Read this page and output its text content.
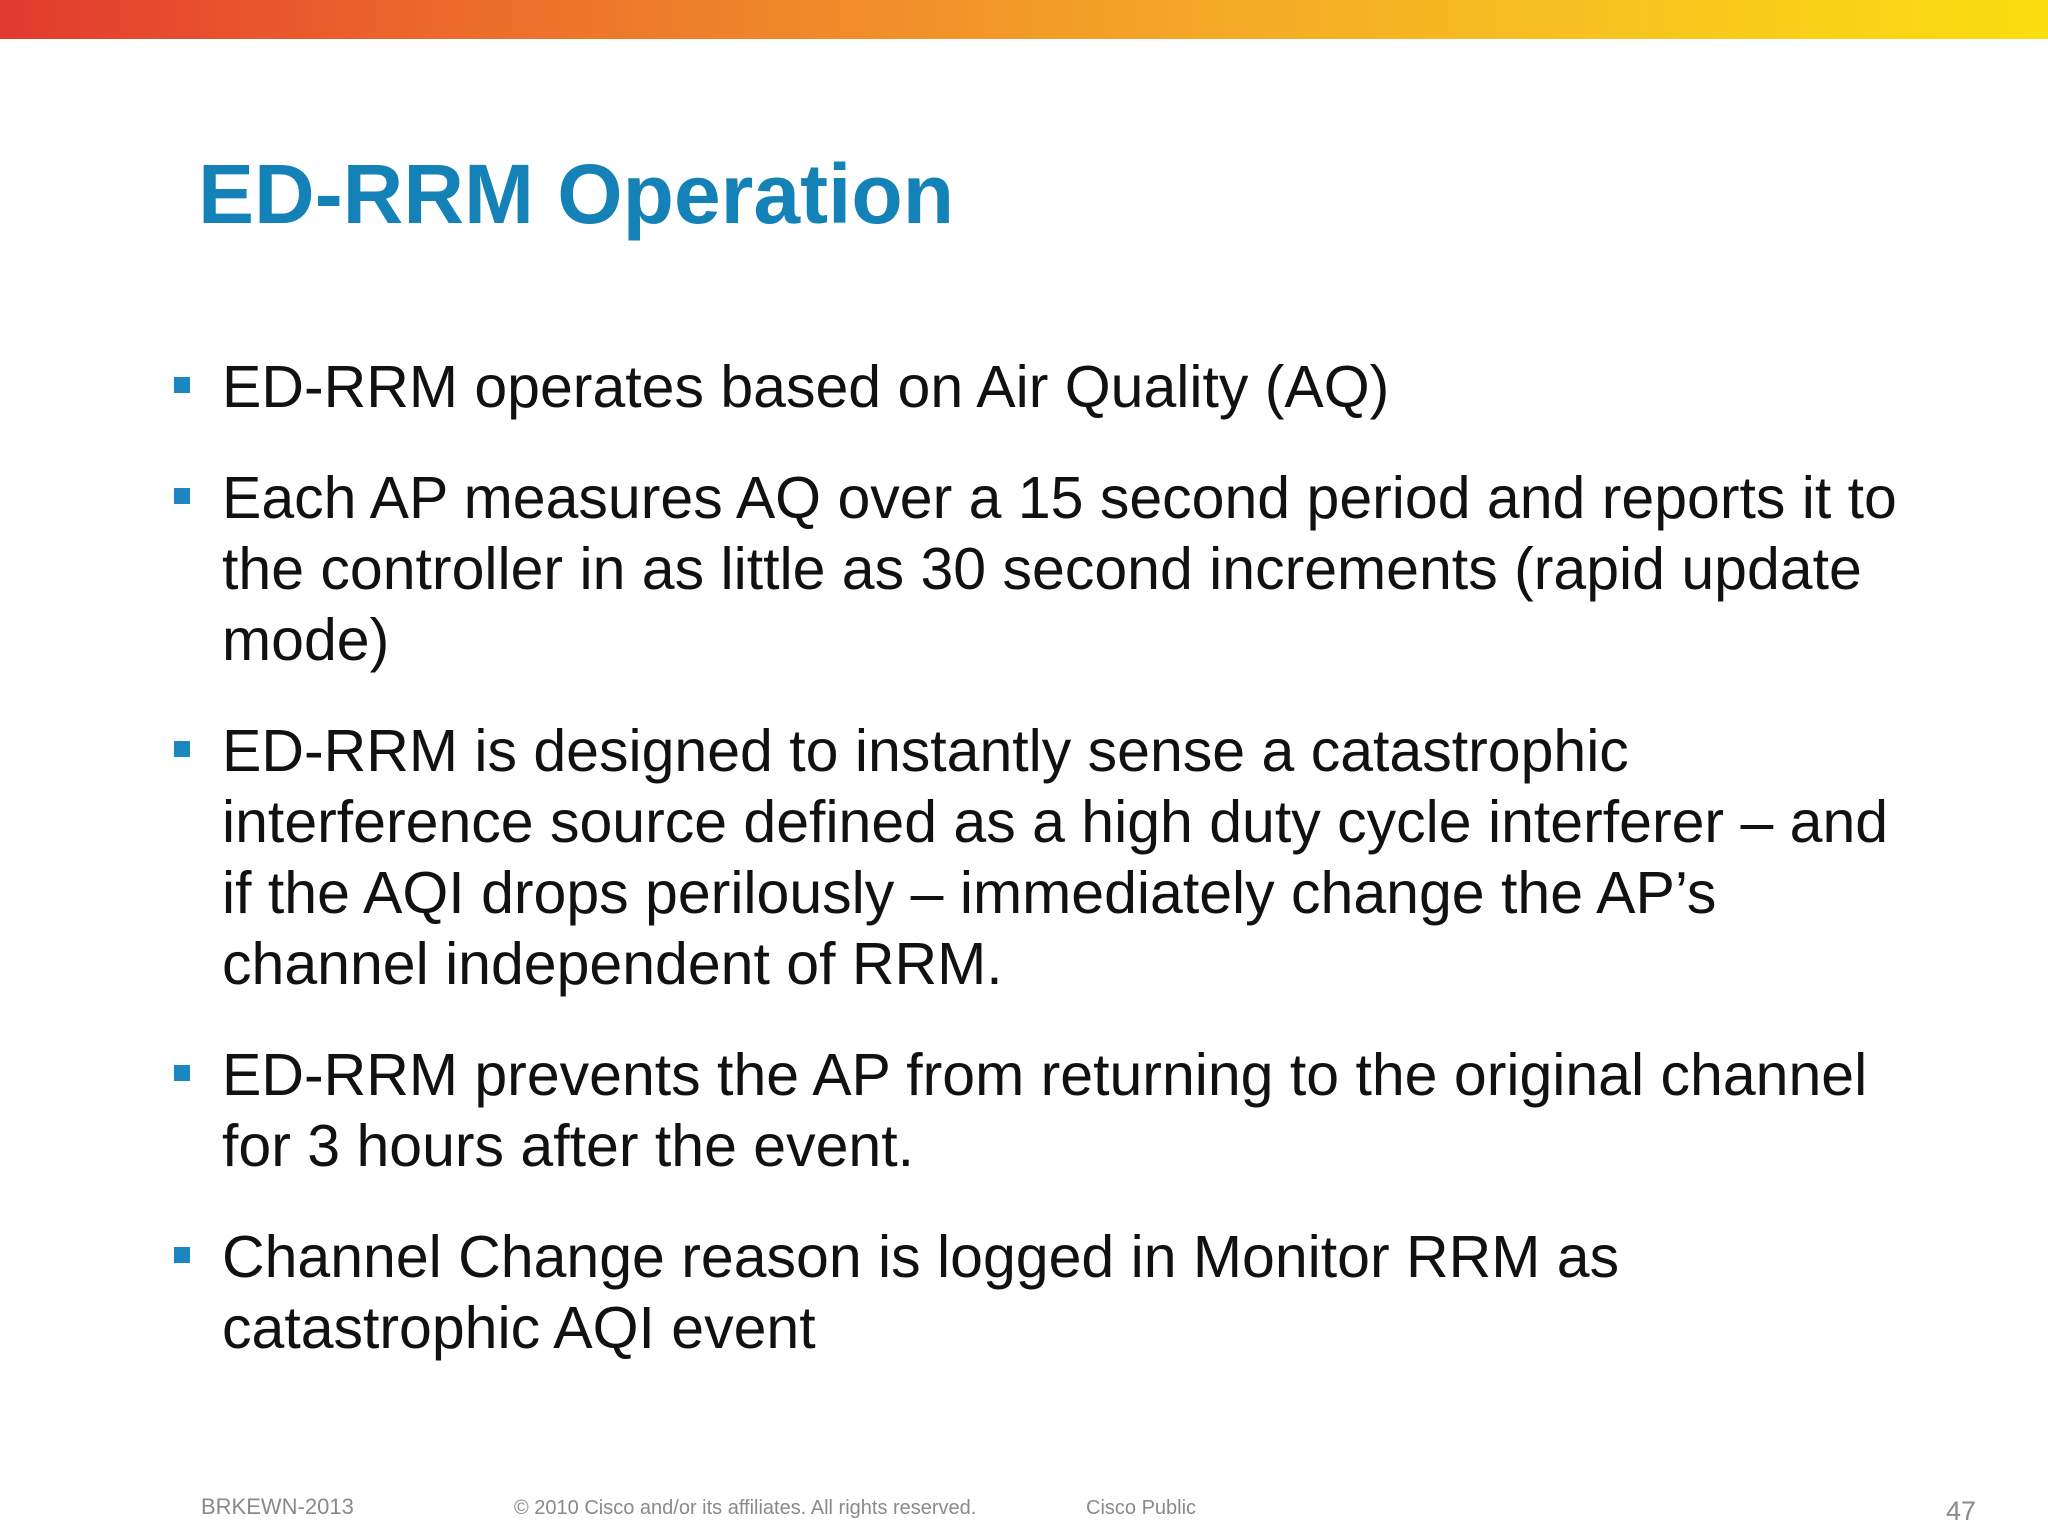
ED-RRM Operation
ED-RRM operates based on Air Quality (AQ)
Each AP measures AQ over a 15 second period and reports it to the controller in as little as 30 second increments (rapid update mode)
ED-RRM is designed to instantly sense a catastrophic interference source defined as a high duty cycle interferer – and if the AQI drops perilously – immediately change the AP’s channel independent of RRM.
ED-RRM prevents the AP from returning to the original channel for 3 hours after the event.
Channel Change reason is logged in Monitor RRM as catastrophic AQI event
BRKEWN-2013	© 2010 Cisco and/or its affiliates. All rights reserved.	Cisco Public	47
